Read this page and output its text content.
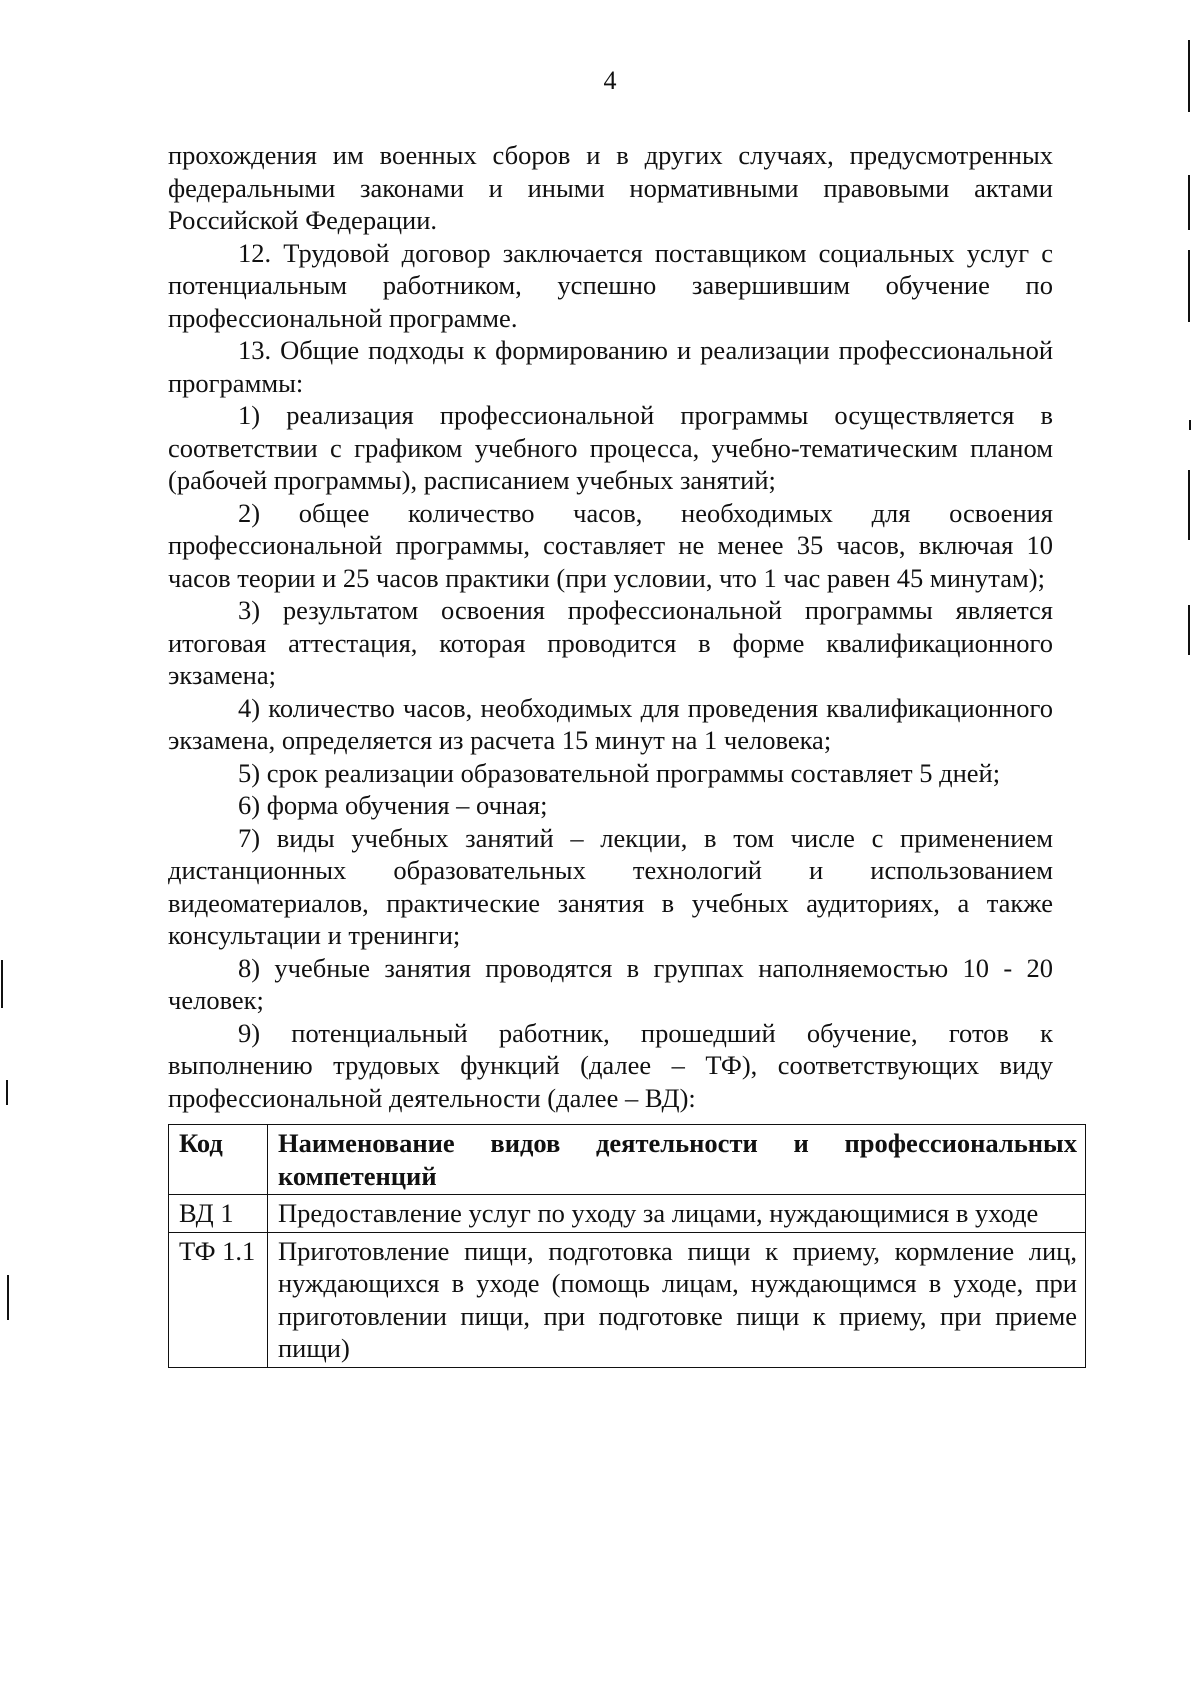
4

прохождения им военных сборов и в других случаях, предусмотренных федеральными законами и иными нормативными правовыми актами Российской Федерации.

12. Трудовой договор заключается поставщиком социальных услуг с потенциальным работником, успешно завершившим обучение по профессиональной программе.

13. Общие подходы к формированию и реализации профессиональной программы:

1) реализация профессиональной программы осуществляется в соответствии с графиком учебного процесса, учебно-тематическим планом (рабочей программы), расписанием учебных занятий;

2) общее количество часов, необходимых для освоения профессиональной программы, составляет не менее 35 часов, включая 10 часов теории и 25 часов практики (при условии, что 1 час равен 45 минутам);

3) результатом освоения профессиональной программы является итоговая аттестация, которая проводится в форме квалификационного экзамена;

4) количество часов, необходимых для проведения квалификационного экзамена, определяется из расчета 15 минут на 1 человека;

5) срок реализации образовательной программы составляет 5 дней;

6) форма обучения – очная;

7) виды учебных занятий – лекции, в том числе с применением дистанционных образовательных технологий и использованием видеоматериалов, практические занятия в учебных аудиториях, а также консультации и тренинги;

8) учебные занятия проводятся в группах наполняемостью 10 - 20 человек;

9) потенциальный работник, прошедший обучение, готов к выполнению трудовых функций (далее – ТФ), соответствующих виду профессиональной деятельности (далее – ВД):

Код	Наименование видов деятельности и профессиональных компетенций
ВД 1	Предоставление услуг по уходу за лицами, нуждающимися в уходе
ТФ 1.1	Приготовление пищи, подготовка пищи к приему, кормление лиц, нуждающихся в уходе (помощь лицам, нуждающимся в уходе, при приготовлении пищи, при подготовке пищи к приему, при приеме пищи)
